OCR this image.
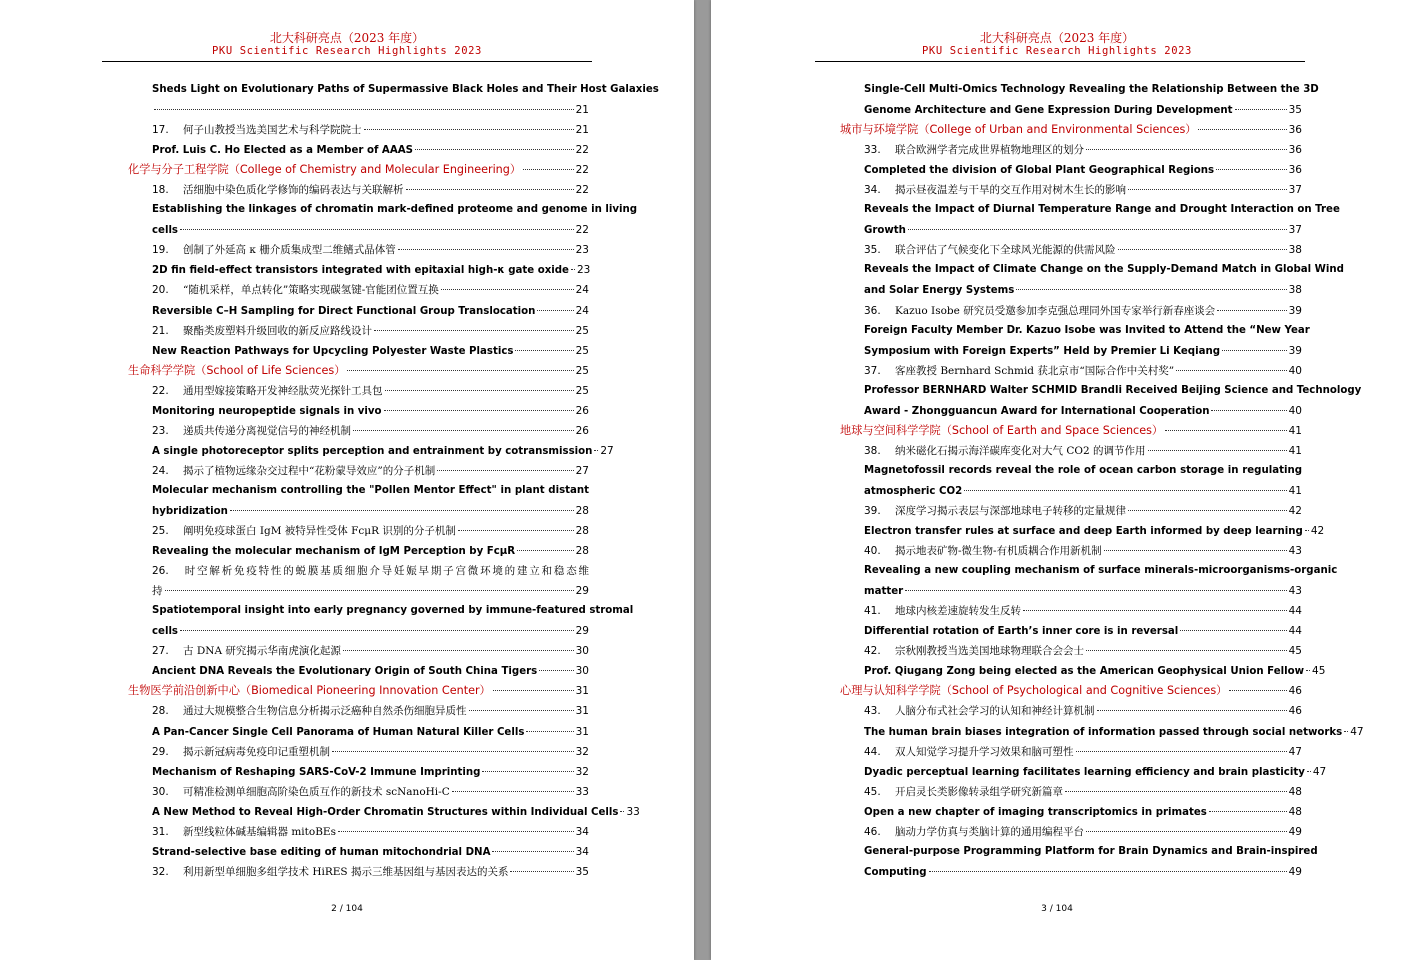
北大科研亮点（2023 年度）
PKU Scientific Research Highlights 2023
Sheds Light on Evolutionary Paths of Supermassive Black Holes and Their Host Galaxies
21
17.	何子山教授当选美国艺术与科学院院士	21
Prof. Luis C. Ho Elected as a Member of AAAS	22
化学与分子工程学院（College of Chemistry and Molecular Engineering）	22
18.	活细胞中染色质化学修饰的编码表达与关联解析	22
Establishing the linkages of chromatin mark-defined proteome and genome in living
cells	22
19.	创制了外延高 κ 栅介质集成型二维鳍式晶体管	23
2D fin field-effect transistors integrated with epitaxial high-κ gate oxide 23
20.	“随机采样，单点转化”策略实现碳氢键-官能团位置互换	24
Reversible C–H Sampling for Direct Functional Group Translocation	24
21.	聚酯类废塑料升级回收的新反应路线设计	25
New Reaction Pathways for Upcycling Polyester Waste Plastics	25
生命科学学院（School of Life Sciences）	25
22.	通用型嫁接策略开发神经肽荧光探针工具包	25
Monitoring neuropeptide signals in vivo	26
23.	递质共传递分离视觉信号的神经机制	26
A single photoreceptor splits perception and entrainment by cotransmission 27
24.	揭示了植物远缘杂交过程中“花粉蒙导效应”的分子机制	27
Molecular mechanism controlling the "Pollen Mentor Effect" in plant distant
hybridization	28
25.	阐明免疫球蛋白 IgM 被特异性受体 FcμR 识别的分子机制	28
Revealing the molecular mechanism of IgM Perception by FcμR	28
26. 时空解析免疫特性的蜕膜基质细胞介导妊娠早期子宫微环境的建立和稳态维
持	29
Spatiotemporal insight into early pregnancy governed by immune-featured stromal
cells	29
27.	古 DNA 研究揭示华南虎演化起源	30
Ancient DNA Reveals the Evolutionary Origin of South China Tigers	30
生物医学前沿创新中心（Biomedical Pioneering Innovation Center）	31
28.	通过大规模整合生物信息分析揭示泛癌种自然杀伤细胞异质性	31
A Pan-Cancer Single Cell Panorama of Human Natural Killer Cells	31
29.	揭示新冠病毒免疫印记重塑机制	32
Mechanism of Reshaping SARS-CoV-2 Immune Imprinting	32
30.	可精准检测单细胞高阶染色质互作的新技术 scNanoHi-C	33
A New Method to Reveal High-Order Chromatin Structures within Individual Cells 33
31.	新型线粒体碱基编辑器 mitoBEs	34
Strand-selective base editing of human mitochondrial DNA	34
32.	利用新型单细胞多组学技术 HiRES 揭示三维基因组与基因表达的关系	35
2 / 104
北大科研亮点（2023 年度）
PKU Scientific Research Highlights 2023
Single-Cell Multi-Omics Technology Revealing the Relationship Between the 3D
Genome Architecture and Gene Expression During Development	35
城市与环境学院（College of Urban and Environmental Sciences）	36
33.	联合欧洲学者完成世界植物地理区的划分	36
Completed the division of Global Plant Geographical Regions	36
34.	揭示昼夜温差与干旱的交互作用对树木生长的影响	37
Reveals the Impact of Diurnal Temperature Range and Drought Interaction on Tree
Growth	37
35.	联合评估了气候变化下全球风光能源的供需风险	38
Reveals the Impact of Climate Change on the Supply-Demand Match in Global Wind
and Solar Energy Systems	38
36.	Kazuo Isobe 研究员受邀参加李克强总理同外国专家举行新春座谈会	39
Foreign Faculty Member Dr. Kazuo Isobe was Invited to Attend the “New Year
Symposium with Foreign Experts” Held by Premier Li Keqiang	39
37.	客座教授 Bernhard Schmid 获北京市“国际合作中关村奖”	40
Professor BERNHARD Walter SCHMID Brandli Received Beijing Science and Technology
Award - Zhongguancun Award for International Cooperation	40
地球与空间科学学院（School of Earth and Space Sciences）	41
38.	纳米磁化石揭示海洋碳库变化对大气 CO2 的调节作用	41
Magnetofossil records reveal the role of ocean carbon storage in regulating
atmospheric CO2	41
39.	深度学习揭示表层与深部地球电子转移的定量规律	42
Electron transfer rules at surface and deep Earth informed by deep learning 42
40.	揭示地表矿物-微生物-有机质耦合作用新机制	43
Revealing a new coupling mechanism of surface minerals-microorganisms-organic
matter	43
41.	地球内核差速旋转发生反转	44
Differential rotation of Earth’s inner core is in reversal	44
42.	宗秋刚教授当选美国地球物理联合会会士	45
Prof. Qiugang Zong being elected as the American Geophysical Union Fellow 45
心理与认知科学学院（School of Psychological and Cognitive Sciences）	46
43.	人脑分布式社会学习的认知和神经计算机制	46
The human brain biases integration of information passed through social networks 47
44.	双人知觉学习提升学习效果和脑可塑性	47
Dyadic perceptual learning facilitates learning efficiency and brain plasticity 47
45.	开启灵长类影像转录组学研究新篇章	48
Open a new chapter of imaging transcriptomics in primates	48
46.	脑动力学仿真与类脑计算的通用编程平台	49
General-purpose Programming Platform for Brain Dynamics and Brain-inspired
Computing	49
3 / 104
